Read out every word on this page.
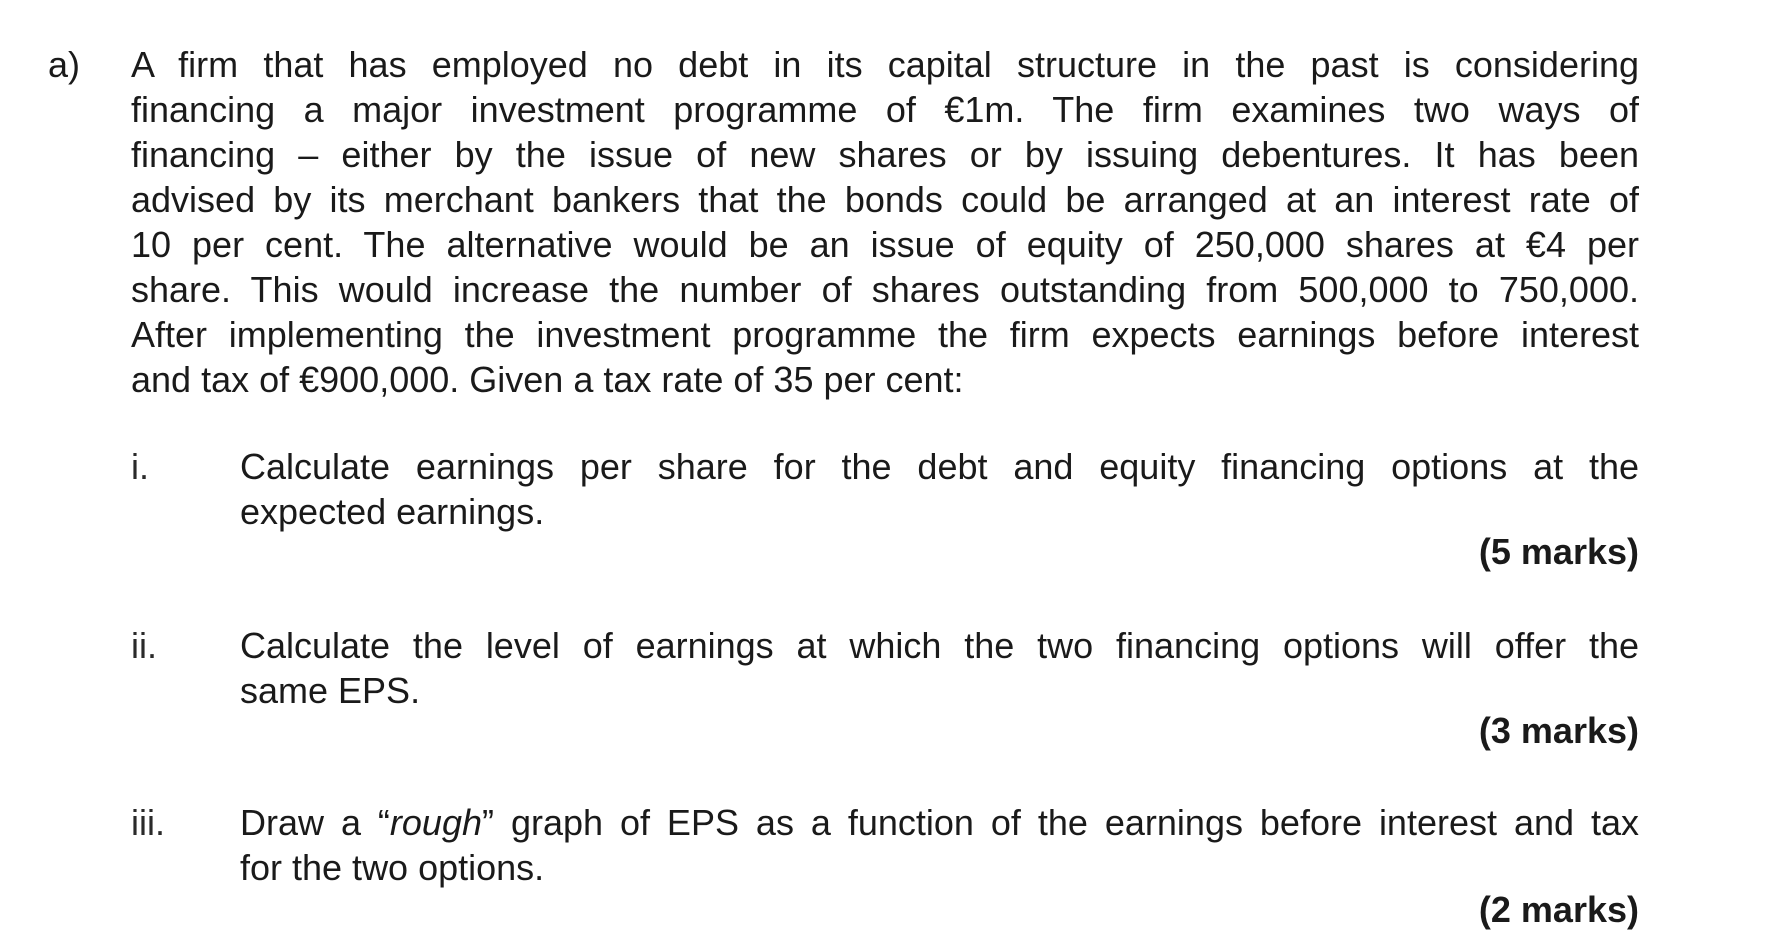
a) A firm that has employed no debt in its capital structure in the past is considering
financing a major investment programme of €1m. The firm examines two ways of
financing – either by the issue of new shares or by issuing debentures. It has been
advised by its merchant bankers that the bonds could be arranged at an interest rate of
10 per cent. The alternative would be an issue of equity of 250,000 shares at €4 per
share. This would increase the number of shares outstanding from 500,000 to 750,000.
After implementing the investment programme the firm expects earnings before interest
and tax of €900,000. Given a tax rate of 35 per cent:
i.	Calculate earnings per share for the debt and equity financing options at the
expected earnings.
(5 marks)
ii. Calculate the level of earnings at which the two financing options will offer the
same EPS.
(3 marks)
iii. Draw a “rough” graph of EPS as a function of the earnings before interest and tax
for the two options.
(2 marks)
